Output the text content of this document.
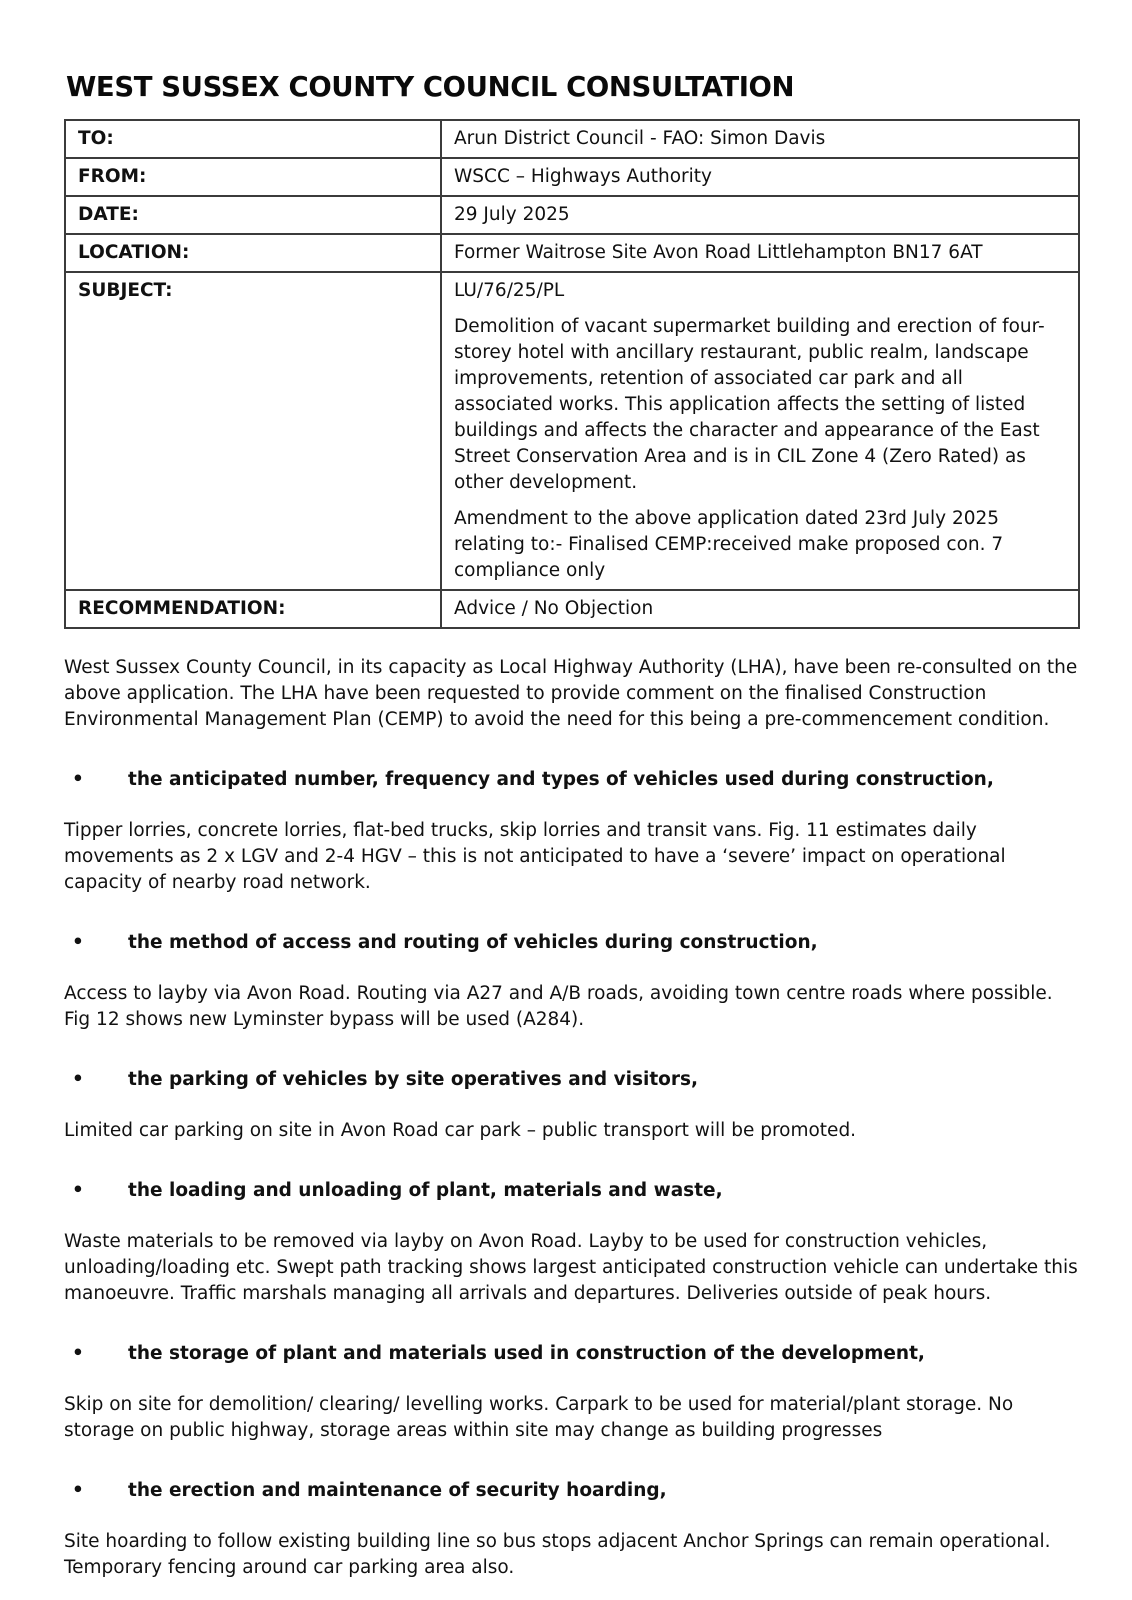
WEST SUSSEX COUNTY COUNCIL CONSULTATION
TO:	Arun District Council - FAO: Simon Davis
FROM:	WSCC – Highways Authority
DATE:	29 July 2025
LOCATION:	Former Waitrose Site Avon Road Littlehampton BN17 6AT
SUBJECT:	LU/76/25/PL

Demolition of vacant supermarket building and erection of four-storey hotel with ancillary restaurant, public realm, landscape improvements, retention of associated car park and all associated works. This application affects the setting of listed buildings and affects the character and appearance of the East Street Conservation Area and is in CIL Zone 4 (Zero Rated) as other development.

Amendment to the above application dated 23rd July 2025 relating to:- Finalised CEMP:received make proposed con. 7 compliance only

RECOMMENDATION:	Advice / No Objection

West Sussex County Council, in its capacity as Local Highway Authority (LHA), have been re-consulted on the above application. The LHA have been requested to provide comment on the finalised Construction Environmental Management Plan (CEMP) to avoid the need for this being a pre-commencement condition.

•	the anticipated number, frequency and types of vehicles used during construction,

Tipper lorries, concrete lorries, flat-bed trucks, skip lorries and transit vans. Fig. 11 estimates daily movements as 2 x LGV and 2-4 HGV – this is not anticipated to have a ‘severe’ impact on operational capacity of nearby road network.

•	the method of access and routing of vehicles during construction,

Access to layby via Avon Road. Routing via A27 and A/B roads, avoiding town centre roads where possible. Fig 12 shows new Lyminster bypass will be used (A284).

•	the parking of vehicles by site operatives and visitors,

Limited car parking on site in Avon Road car park – public transport will be promoted.

•	the loading and unloading of plant, materials and waste,

Waste materials to be removed via layby on Avon Road. Layby to be used for construction vehicles, unloading/loading etc. Swept path tracking shows largest anticipated construction vehicle can undertake this manoeuvre. Traffic marshals managing all arrivals and departures. Deliveries outside of peak hours.

•	the storage of plant and materials used in construction of the development,

Skip on site for demolition/ clearing/ levelling works. Carpark to be used for material/plant storage. No storage on public highway, storage areas within site may change as building progresses

•	the erection and maintenance of security hoarding,

Site hoarding to follow existing building line so bus stops adjacent Anchor Springs can remain operational. Temporary fencing around car parking area also.
